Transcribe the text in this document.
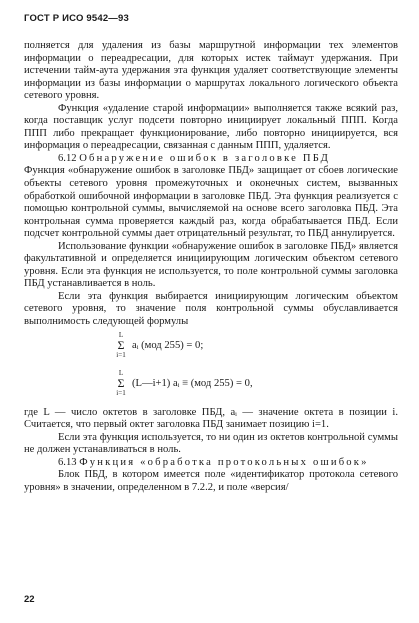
ГОСТ Р ИСО 9542—93

полняется для удаления из базы маршрутной информации тех элементов информации о переадресации, для которых истек таймаут удержания. При истечении тайм-аута удержания эта функция удаляет соответствующие элементы информации из базы информации о маршрутах локального логического объекта сетевого уровня.

Функция «удаление старой информации» выполняется также всякий раз, когда поставщик услуг подсети повторно инициирует локальный ППП. Когда ППП либо прекращает функционирование, либо повторно инициируется, вся информация о переадресации, связанная с данным ППП, удаляется.

6.12 Обнаружение ошибок в заголовке ПБД

Функция «обнаружение ошибок в заголовке ПБД» защищает от сбоев логические объекты сетевого уровня промежуточных и оконечных систем, вызванных обработкой ошибочной информации в заголовке ПБД. Эта функция реализуется с помощью контрольной суммы, вычисляемой на основе всего заголовка ПБД. Эта контрольная сумма проверяется каждый раз, когда обрабатывается ПБД. Если подсчет контрольной суммы дает отрицательный результат, то ПБД аннулируется.

Использование функции «обнаружение ошибок в заголовке ПБД» является факультативной и определяется инициирующим логическим объектом сетевого уровня. Если эта функция не используется, то поле контрольной суммы заголовка ПБД устанавливается в ноль.

Если эта функция выбирается инициирующим логическим объектом сетевого уровня, то значение поля контрольной суммы обуславливается выполнимость следующей формулы

L
Σ
i=1
aᵢ (мод 255) = 0;
L
Σ
i=1
(L—i+1) aᵢ ≡ (мод 255) = 0,

где L — число октетов в заголовке ПБД, aᵢ — значение октета в позиции i. Считается, что первый октет заголовка ПБД занимает позицию i=1.

Если эта функция используется, то ни один из октетов контрольной суммы не должен устанавливаться в ноль.

6.13 Функция «обработка протокольных ошибок»

Блок ПБД, в котором имеется поле «идентификатор протокола сетевого уровня» в значении, определенном в 7.2.2, и поле «версия/

22
